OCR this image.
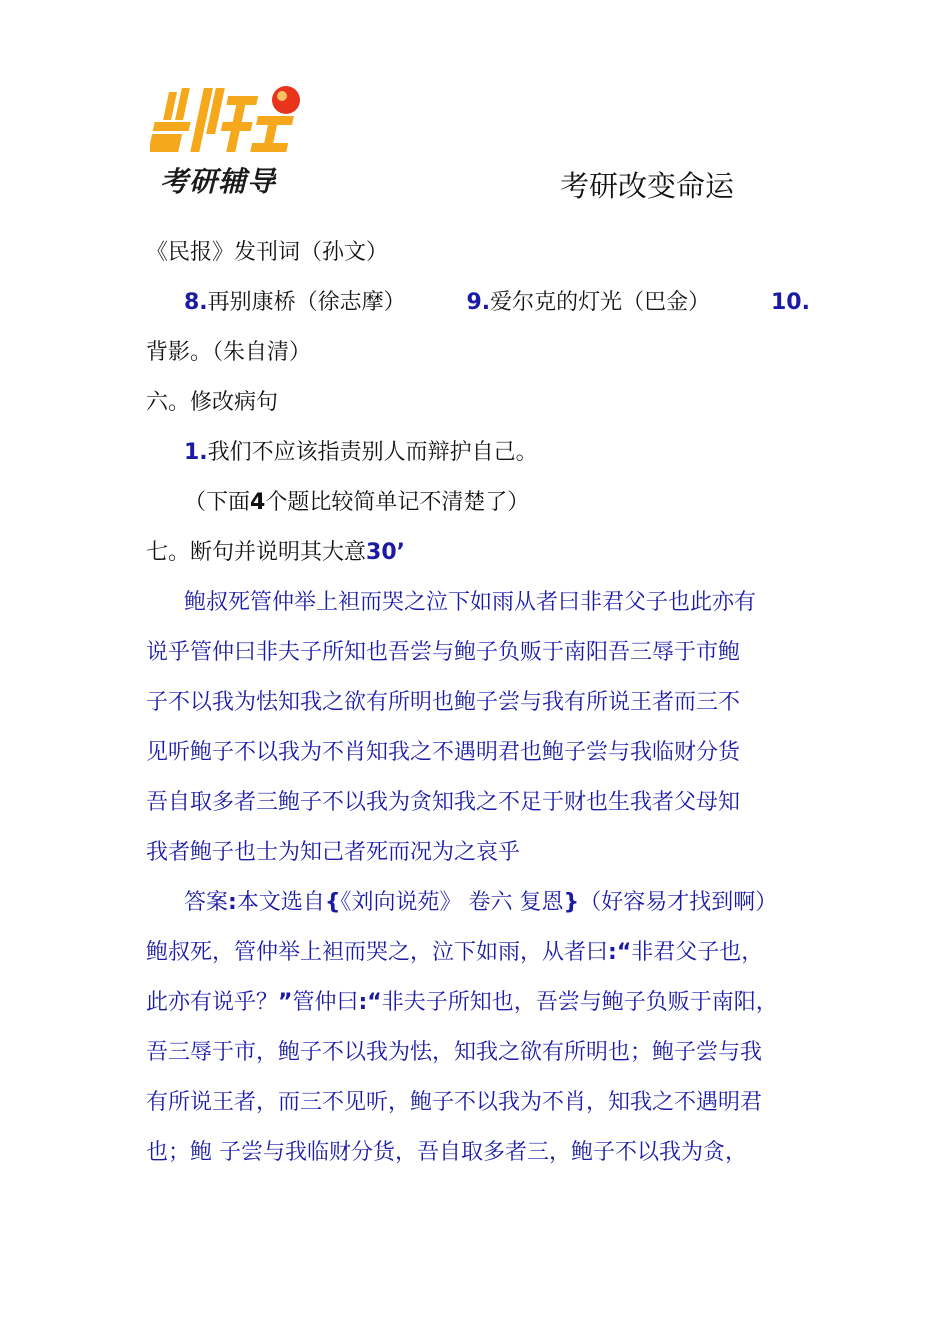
考研辅导	考研改变命运
《民报》发刊词（孙文）
8.再别康桥（徐志摩）	9.爱尔克的灯光（巴金）	10.
背影。（朱自清）
六。修改病句
1.我们不应该指责别人而辩护自己。
（下面4个题比较简单记不清楚了）
七。断句并说明其大意30’
鲍叔死管仲举上袒而哭之泣下如雨从者曰非君父子也此亦有
说乎管仲曰非夫子所知也吾尝与鲍子负贩于南阳吾三辱于市鲍
子不以我为怯知我之欲有所明也鲍子尝与我有所说王者而三不
见听鲍子不以我为不肖知我之不遇明君也鲍子尝与我临财分货
吾自取多者三鲍子不以我为贪知我之不足于财也生我者父母知
我者鲍子也士为知己者死而况为之哀乎
答案:本文选自{《刘向说苑》 卷六 复恩}（好容易才找到啊）
鲍叔死，管仲举上袒而哭之，泣下如雨，从者曰:“非君父子也，
此亦有说乎？”管仲曰:“非夫子所知也，吾尝与鲍子负贩于南阳，
吾三辱于市，鲍子不以我为怯，知我之欲有所明也；鲍子尝与我
有所说王者，而三不见听，鲍子不以我为不肖，知我之不遇明君
也；鲍 子尝与我临财分货，吾自取多者三，鲍子不以我为贪，
